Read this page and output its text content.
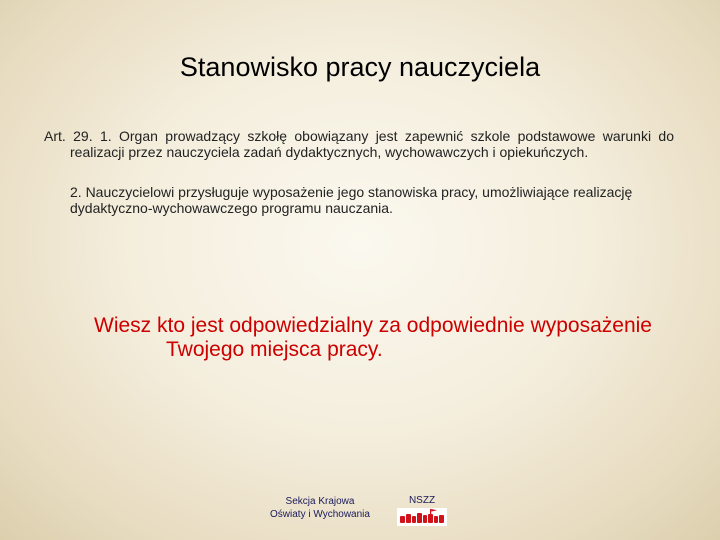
Stanowisko pracy nauczyciela

Art. 29. 1. Organ prowadzący szkołę obowiązany jest zapewnić szkole podstawowe warunki do realizacji przez nauczyciela zadań dydaktycznych, wychowawczych i opiekuńczych.

2. Nauczycielowi przysługuje wyposażenie jego stanowiska pracy, umożliwiające realizację dydaktyczno-wychowawczego programu nauczania.

Wiesz kto jest odpowiedzialny za odpowiednie wyposażenie Twojego miejsca pracy.

Sekcja Krajowa
Oświaty i Wychowania
NSZZ
